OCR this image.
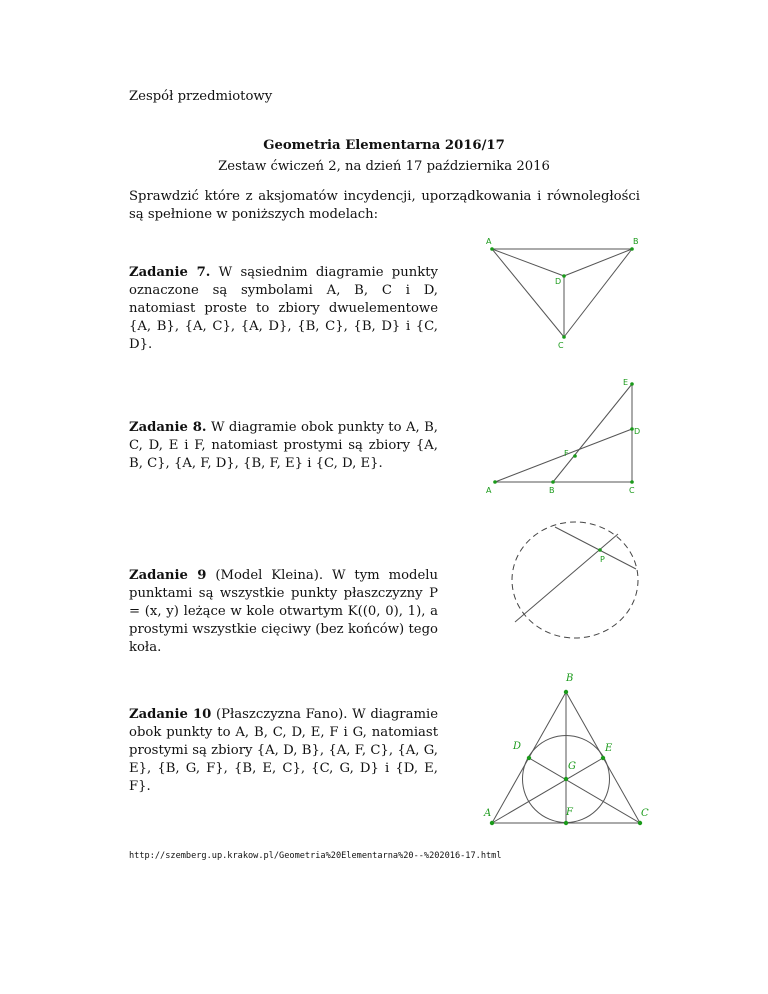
Zespół przedmiotowy
Geometria Elementarna 2016/17
Zestaw ćwiczeń 2, na dzień 17 października 2016
Sprawdzić które z aksjomatów incydencji, uporządkowania i równoległości są spełnione w poniższych modelach:
Zadanie 7. W sąsiednim diagramie punkty oznaczone są symbolami A, B, C i D, natomiast proste to zbiory dwuelementowe {A, B}, {A, C}, {A, D}, {B, C}, {B, D} i {C, D}.
Zadanie 8. W diagramie obok punkty to A, B, C, D, E i F, natomiast prostymi są zbiory {A, B, C}, {A, F, D}, {B, F, E} i {C, D, E}.
Zadanie 9 (Model Kleina). W tym modelu punktami są wszystkie punkty płaszczyzny P = (x, y) leżące w kole otwartym K((0, 0), 1), a prostymi wszystkie cięciwy (bez końców) tego koła.
Zadanie 10 (Płaszczyzna Fano). W diagramie obok punkty to A, B, C, D, E, F i G, natomiast prostymi są zbiory {A, D, B}, {A, F, C}, {A, G, E}, {B, G, F}, {B, E, C}, {C, G, D} i {D, E, F}.
A	B
C
D
A	B	C
D
E
F
P
A
B
C
D	E
F
G
http://szemberg.up.krakow.pl/Geometria%20Elementarna%20--%202016-17.html
